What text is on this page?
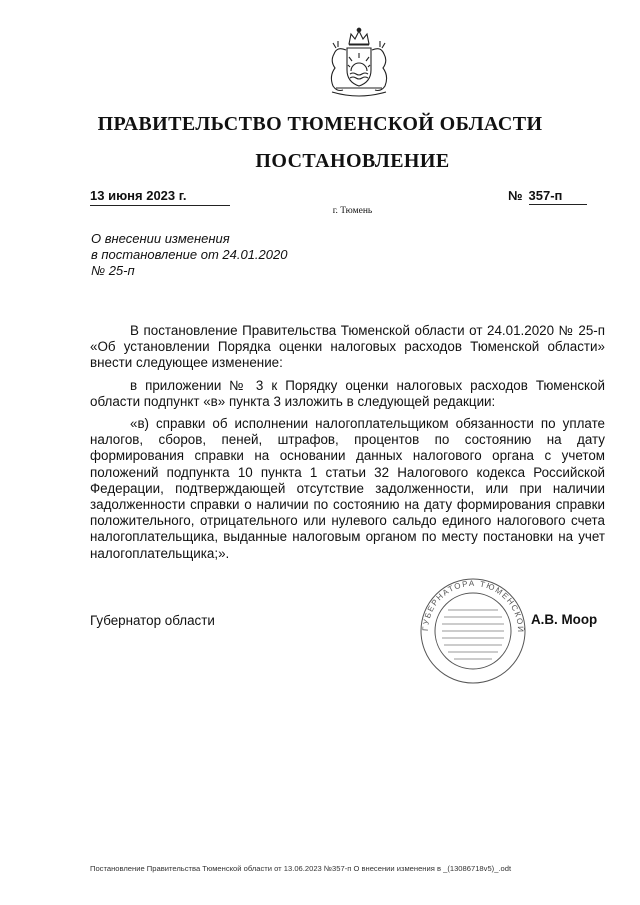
ПРАВИТЕЛЬСТВО ТЮМЕНСКОЙ ОБЛАСТИ
ПОСТАНОВЛЕНИЕ
13 июня 2023 г.	№ 357-п
г. Тюмень
О внесении изменения
в постановление от 24.01.2020
№ 25-п

В постановление Правительства Тюменской области от 24.01.2020 № 25-п «Об установлении Порядка оценки налоговых расходов Тюменской области» внести следующее изменение:

в приложении № 3 к Порядку оценки налоговых расходов Тюменской области подпункт «в» пункта 3 изложить в следующей редакции:

«в) справки об исполнении налогоплательщиком обязанности по уплате налогов, сборов, пеней, штрафов, процентов по состоянию на дату формирования справки на основании данных налогового органа с учетом положений подпункта 10 пункта 1 статьи 32 Налогового кодекса Российской Федерации, подтверждающей отсутствие задолженности, или при наличии задолженности справки о наличии по состоянию на дату формирования справки положительного, отрицательного или нулевого сальдо единого налогового счета налогоплательщика, выданные налоговым органом по месту постановки на учет налогоплательщика;».

Губернатор области	ГУБЕРНАТОРА ТЮМЕНСКОЙ
А.В. Моор
Постановление Правительства Тюменской области от 13.06.2023 №357-п О внесении изменения в _(13086718v5)_.odt
